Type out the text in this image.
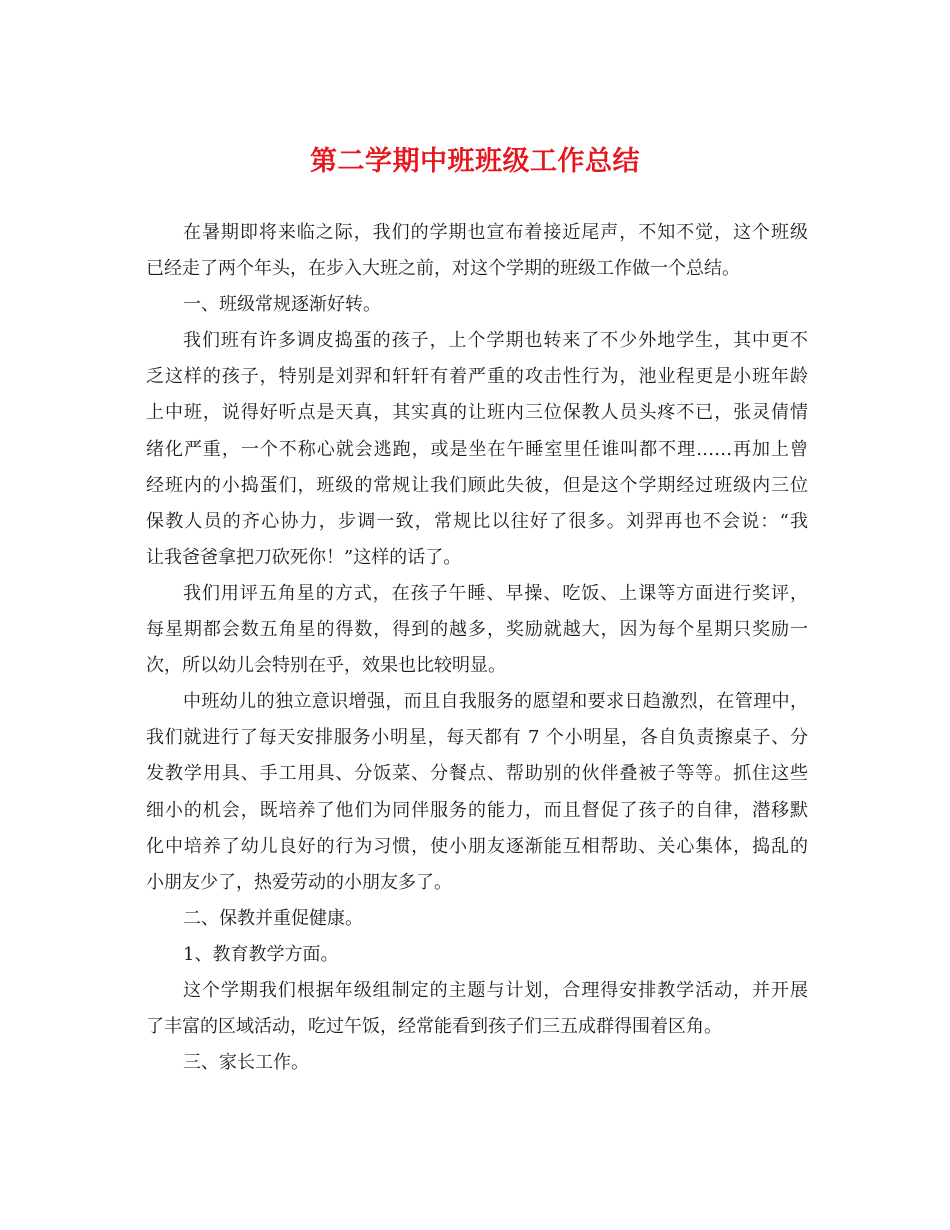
第二学期中班班级工作总结
在暑期即将来临之际，我们的学期也宣布着接近尾声，不知不觉，这个班级
已经走了两个年头，在步入大班之前，对这个学期的班级工作做一个总结。
一、班级常规逐渐好转。
我们班有许多调皮捣蛋的孩子，上个学期也转来了不少外地学生，其中更不
乏这样的孩子，特别是刘羿和轩轩有着严重的攻击性行为，池业程更是小班年龄
上中班，说得好听点是天真，其实真的让班内三位保教人员头疼不已，张灵倩情
绪化严重，一个不称心就会逃跑，或是坐在午睡室里任谁叫都不理……再加上曾
经班内的小捣蛋们，班级的常规让我们顾此失彼，但是这个学期经过班级内三位
保教人员的齐心协力，步调一致，常规比以往好了很多。刘羿再也不会说：“我
让我爸爸拿把刀砍死你！”这样的话了。
我们用评五角星的方式，在孩子午睡、早操、吃饭、上课等方面进行奖评，
每星期都会数五角星的得数，得到的越多，奖励就越大，因为每个星期只奖励一
次，所以幼儿会特别在乎，效果也比较明显。
中班幼儿的独立意识增强，而且自我服务的愿望和要求日趋激烈，在管理中，
我们就进行了每天安排服务小明星，每天都有 7 个小明星，各自负责擦桌子、分
发教学用具、手工用具、分饭菜、分餐点、帮助别的伙伴叠被子等等。抓住这些
细小的机会，既培养了他们为同伴服务的能力，而且督促了孩子的自律，潜移默
化中培养了幼儿良好的行为习惯，使小朋友逐渐能互相帮助、关心集体，捣乱的
小朋友少了，热爱劳动的小朋友多了。
二、保教并重促健康。
1、教育教学方面。
这个学期我们根据年级组制定的主题与计划，合理得安排教学活动，并开展
了丰富的区域活动，吃过午饭，经常能看到孩子们三五成群得围着区角。
三、家长工作。
